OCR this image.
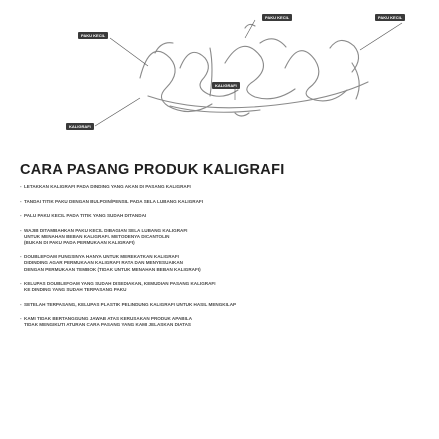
PAKU KECIL
PAKU KECIL	PAKU KECIL
KALIGRAFI
KALIGRAFI
CARA PASANG PRODUK KALIGRAFI
- LETAKKAN KALIGRAFI PADA DINDING YANG AKAN DI PASANG KALIGRAFI
- TANDAI TITIK PAKU DENGAN BULPOIN/PENSIL PADA SELA LUBANG KALIGRAFI
- PALU PAKU KECIL PADA TITIK YANG SUDAH DITANDAI
- WAJIB DITAMBAHKAN PAKU KECIL DIBAGIAN SELA LUBANG KALIGRAFI
UNTUK MENAHAN BEBAN KALIGRAFI. METODENYA DICANTOLIN
(BUKAN DI PAKU PADA PERMUKAAN KALIGRAFI)
- DOUBLEFOAM FUNGSINYA HANYA UNTUK MEREKATKAN KALIGRAFI
DIDINDING AGAR PERMUKAAN KALIGRAFI RATA DAN MENYESUAIKAN
DENGAN PERMUKAAN TEMBOK (TIDAK UNTUK MENAHAN BEBAN KALIGRAFI)
- KELUPAS DOUBLEFOAM YANG SUDAH DISEDIAKAN, KEMUDIAN PASANG KALIGRAFI
KE DINDING YANG SUDAH TERPASANG PAKU
- SETELAH TERPASANG, KELUPAS PLASTIK PELINDUNG KALIGRAFI UNTUK HASIL MENGKILAP
- KAMI TIDAK BERTANGGUNG JAWAB ATAS KERUSAKAN PRODUK APABILA
TIDAK MENGIKUTI ATURAN CARA PASANG YANG KAMI JELASKAN DIATAS
